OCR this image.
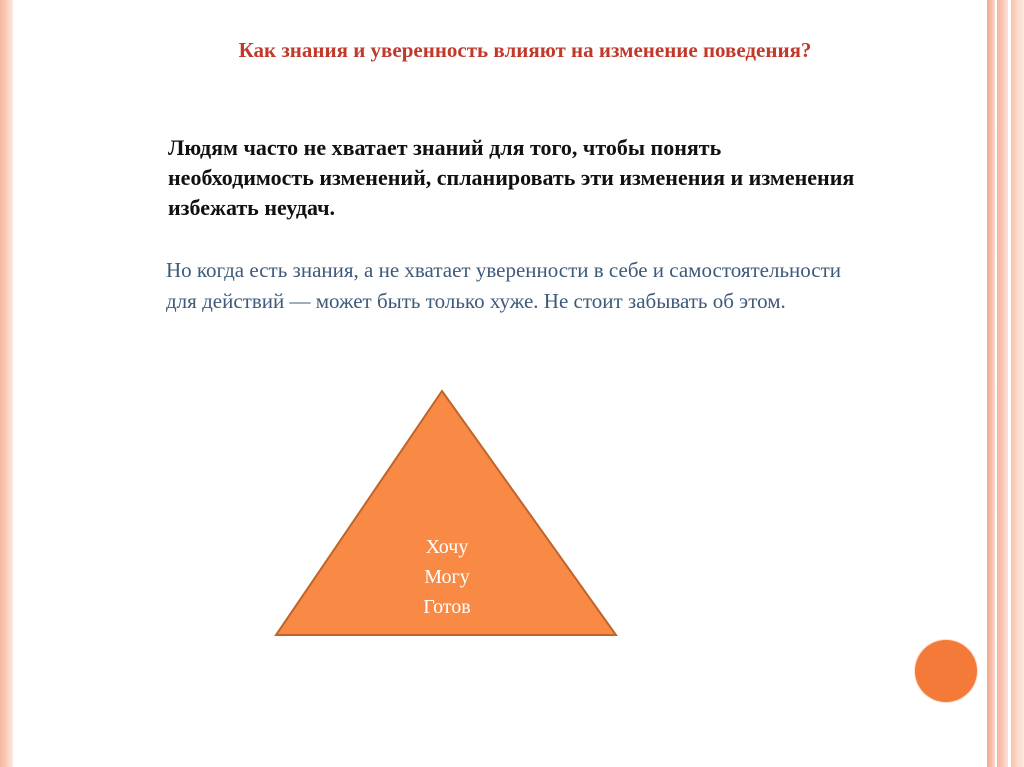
Как знания и уверенность влияют на изменение поведения?
Людям часто не хватает знаний для того, чтобы понять необходимость изменений, спланировать эти изменения и изменения избежать неудач.
Но когда есть знания, а не хватает уверенности в себе и самостоятельности для действий — может быть только хуже. Не стоит забывать об этом.
Хочу
Могу
Готов
